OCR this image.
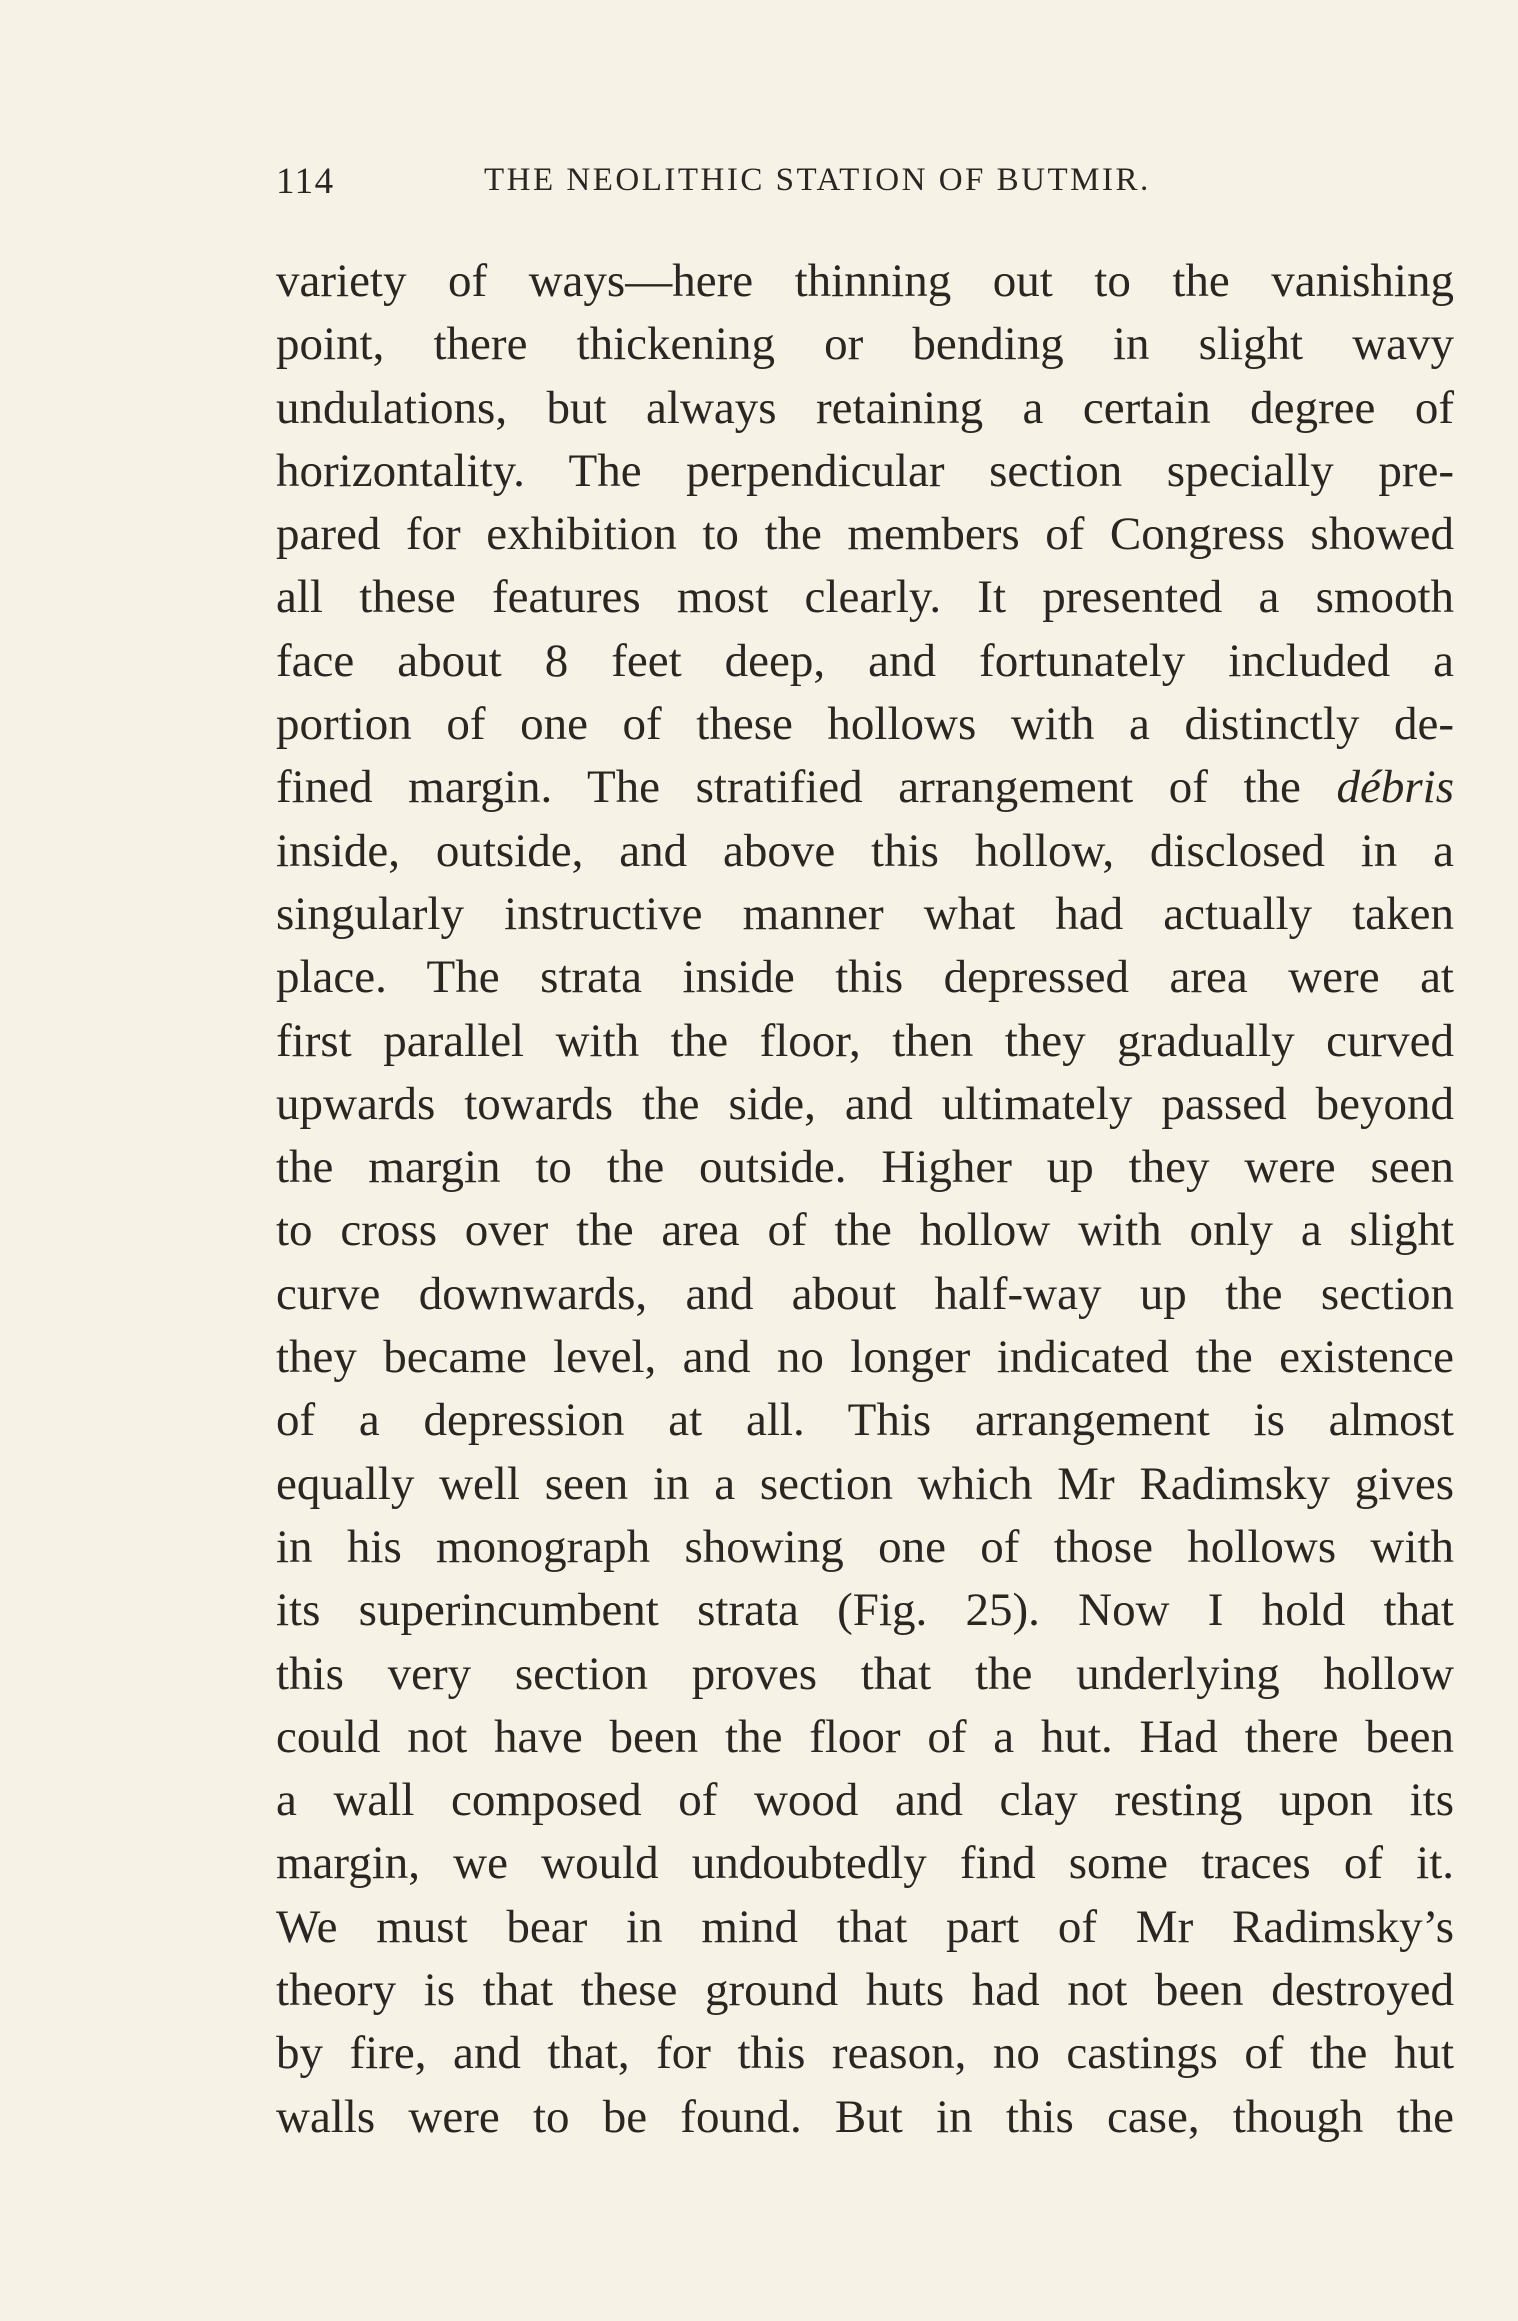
114	THE NEOLITHIC STATION OF BUTMIR.
variety of ways—here thinning out to the vanishing
point, there thickening or bending in slight wavy
undulations, but always retaining a certain degree of
horizontality. The perpendicular section specially pre-
pared for exhibition to the members of Congress showed
all these features most clearly. It presented a smooth
face about 8 feet deep, and fortunately included a
portion of one of these hollows with a distinctly de-
fined margin. The stratified arrangement of the débris
inside, outside, and above this hollow, disclosed in a
singularly instructive manner what had actually taken
place. The strata inside this depressed area were at
first parallel with the floor, then they gradually curved
upwards towards the side, and ultimately passed beyond
the margin to the outside. Higher up they were seen
to cross over the area of the hollow with only a slight
curve downwards, and about half-way up the section
they became level, and no longer indicated the existence
of a depression at all. This arrangement is almost
equally well seen in a section which Mr Radimsky gives
in his monograph showing one of those hollows with
its superincumbent strata (Fig. 25). Now I hold that
this very section proves that the underlying hollow
could not have been the floor of a hut. Had there been
a wall composed of wood and clay resting upon its
margin, we would undoubtedly find some traces of it.
We must bear in mind that part of Mr Radimsky’s
theory is that these ground huts had not been destroyed
by fire, and that, for this reason, no castings of the hut
walls were to be found. But in this case, though the
